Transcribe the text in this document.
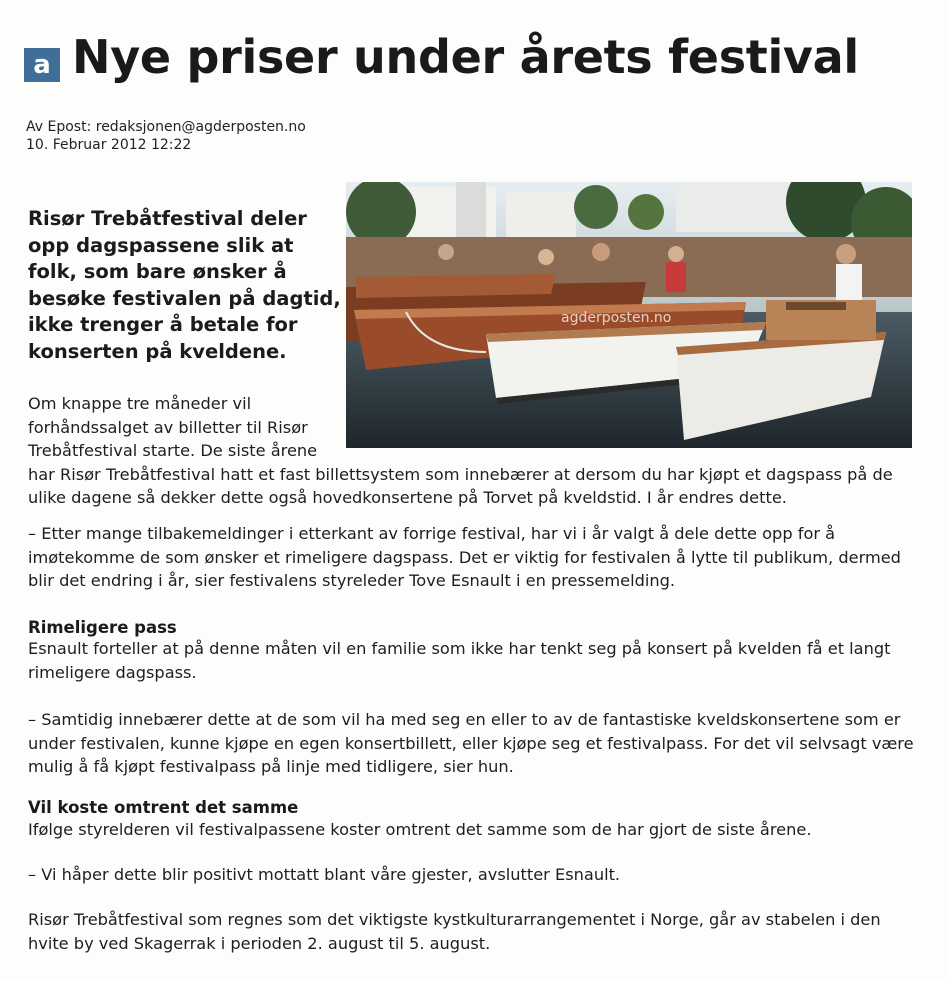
a Nye priser under årets festival
Av Epost: redaksjonen@agderposten.no
10. Februar 2012 12:22

Risør Trebåtfestival deler opp dagspassene slik at folk, som bare ønsker å besøke festivalen på dagtid, ikke trenger å betale for konserten på kveldene.

agderposten.no

Om knappe tre måneder vil forhåndssalget av billetter til Risør Trebåtfestival starte. De siste årene
har Risør Trebåtfestival hatt et fast billettsystem som innebærer at dersom du har kjøpt et dagspass på de ulike dagene så dekker dette også hovedkonsertene på Torvet på kveldstid. I år endres dette.

– Etter mange tilbakemeldinger i etterkant av forrige festival, har vi i år valgt å dele dette opp for å imøtekomme de som ønsker et rimeligere dagspass. Det er viktig for festivalen å lytte til publikum, dermed blir det endring i år, sier festivalens styreleder Tove Esnault i en pressemelding.

Rimeligere pass

Esnault forteller at på denne måten vil en familie som ikke har tenkt seg på konsert på kvelden få et langt rimeligere dagspass.

– Samtidig innebærer dette at de som vil ha med seg en eller to av de fantastiske kveldskonsertene som er under festivalen, kunne kjøpe en egen konsertbillett, eller kjøpe seg et festivalpass. For det vil selvsagt være mulig å få kjøpt festivalpass på linje med tidligere, sier hun.

Vil koste omtrent det samme

Ifølge styrelderen vil festivalpassene koster omtrent det samme som de har gjort de siste årene.

– Vi håper dette blir positivt mottatt blant våre gjester, avslutter Esnault.

Risør Trebåtfestival som regnes som det viktigste kystkulturarrangementet i Norge, går av stabelen i den hvite by ved Skagerrak i perioden 2. august til 5. august.
